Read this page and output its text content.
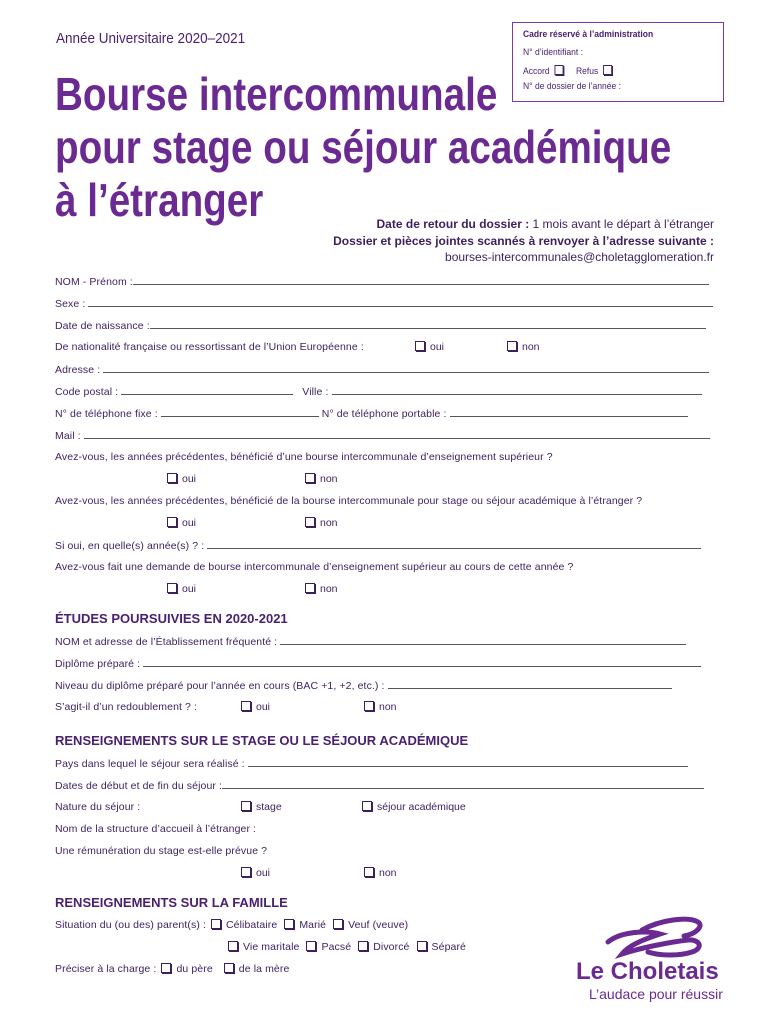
Année Universitaire 2020–2021
Bourse intercommunale
pour stage ou séjour académique
à l’étranger
Cadre réservé à l’administration
N° d’identifiant :
Accord	Refus
N° de dossier de l’année :
Date de retour du dossier : 1 mois avant le départ à l’étranger
Dossier et pièces jointes scannés à renvoyer à l’adresse suivante :
bourses-intercommunales@choletagglomeration.fr
NOM - Prénom :
Sexe :
Date de naissance :
De nationalité française ou ressortissant de l’Union Européenne :	oui	non
Adresse :
Code postal :	Ville :
N° de téléphone fixe :	N° de téléphone portable :
Mail :
Avez-vous, les années précédentes, bénéficié d’une bourse intercommunale d’enseignement supérieur ?
oui	non
Avez-vous, les années précédentes, bénéficié de la bourse intercommunale pour stage ou séjour académique à l’étranger ?
oui	non
Si oui, en quelle(s) année(s) ? :
Avez-vous fait une demande de bourse intercommunale d’enseignement supérieur au cours de cette année ?
oui	non
ÉTUDES POURSUIVIES EN 2020-2021
NOM et adresse de l’Établissement fréquenté :
Diplôme préparé :
Niveau du diplôme préparé pour l’année en cours (BAC +1, +2, etc.) :
S’agit-il d’un redoublement ? :	oui	non
RENSEIGNEMENTS SUR LE STAGE OU LE SÉJOUR ACADÉMIQUE
Pays dans lequel le séjour sera réalisé :
Dates de début et de fin du séjour :
Nature du séjour :	stage	séjour académique
Nom de la structure d’accueil à l’étranger :
Une rémunération du stage est-elle prévue ?
oui	non
RENSEIGNEMENTS SUR LA FAMILLE
Situation du (ou des) parent(s) : Célibataire Marié Veuf (veuve)
Vie maritale Pacsé Divorcé Séparé
Préciser à la charge : du père de la mère	Le Choletais
L’audace pour réussir
